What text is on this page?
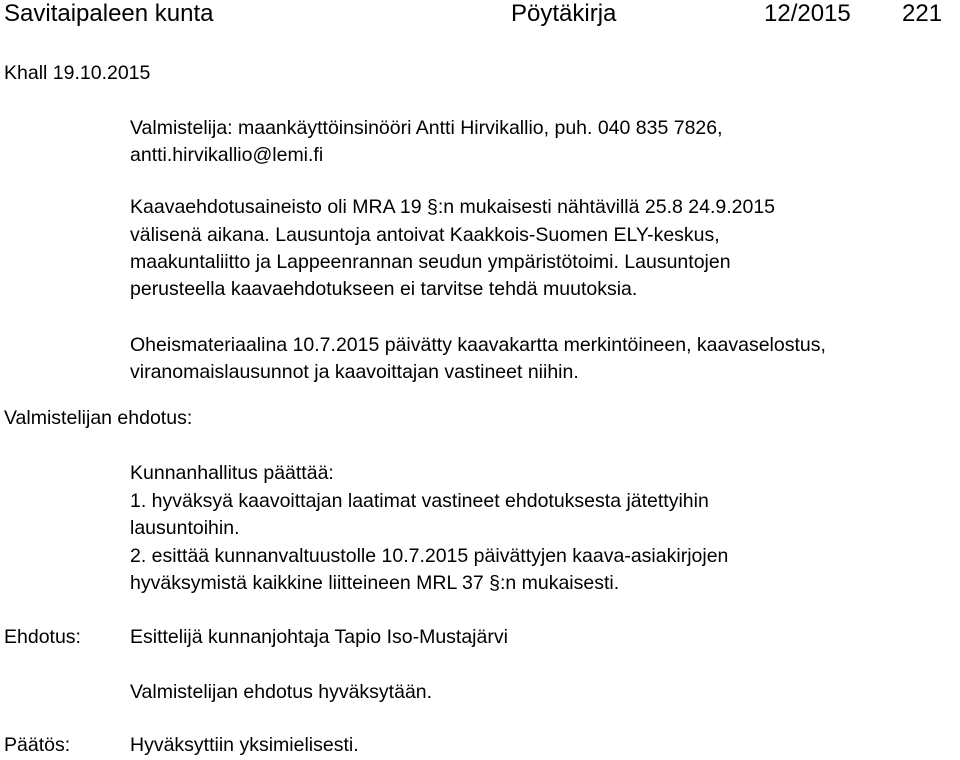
Savitaipaleen kunta	Pöytäkirja	12/2015 221
Khall 19.10.2015
Valmistelija: maankäyttöinsinööri Antti Hirvikallio, puh. 040 835 7826,
antti.hirvikallio@lemi.fi
Kaavaehdotusaineisto oli MRA 19 §:n mukaisesti nähtävillä 25.8 24.9.2015
välisenä aikana. Lausuntoja antoivat Kaakkois-Suomen ELY-keskus,
maakuntaliitto ja Lappeenrannan seudun ympäristötoimi. Lausuntojen
perusteella kaavaehdotukseen ei tarvitse tehdä muutoksia.
Oheismateriaalina 10.7.2015 päivätty kaavakartta merkintöineen, kaavaselostus,
viranomaislausunnot ja kaavoittajan vastineet niihin.
Valmistelijan ehdotus:
Kunnanhallitus päättää:
1. hyväksyä kaavoittajan laatimat vastineet ehdotuksesta jätettyihin
lausuntoihin.
2. esittää kunnanvaltuustolle 10.7.2015 päivättyjen kaava-asiakirjojen
hyväksymistä kaikkine liitteineen MRL 37 §:n mukaisesti.
Ehdotus:	Esittelijä kunnanjohtaja Tapio Iso-Mustajärvi
Valmistelijan ehdotus hyväksytään.
Päätös:	Hyväksyttiin yksimielisesti.
